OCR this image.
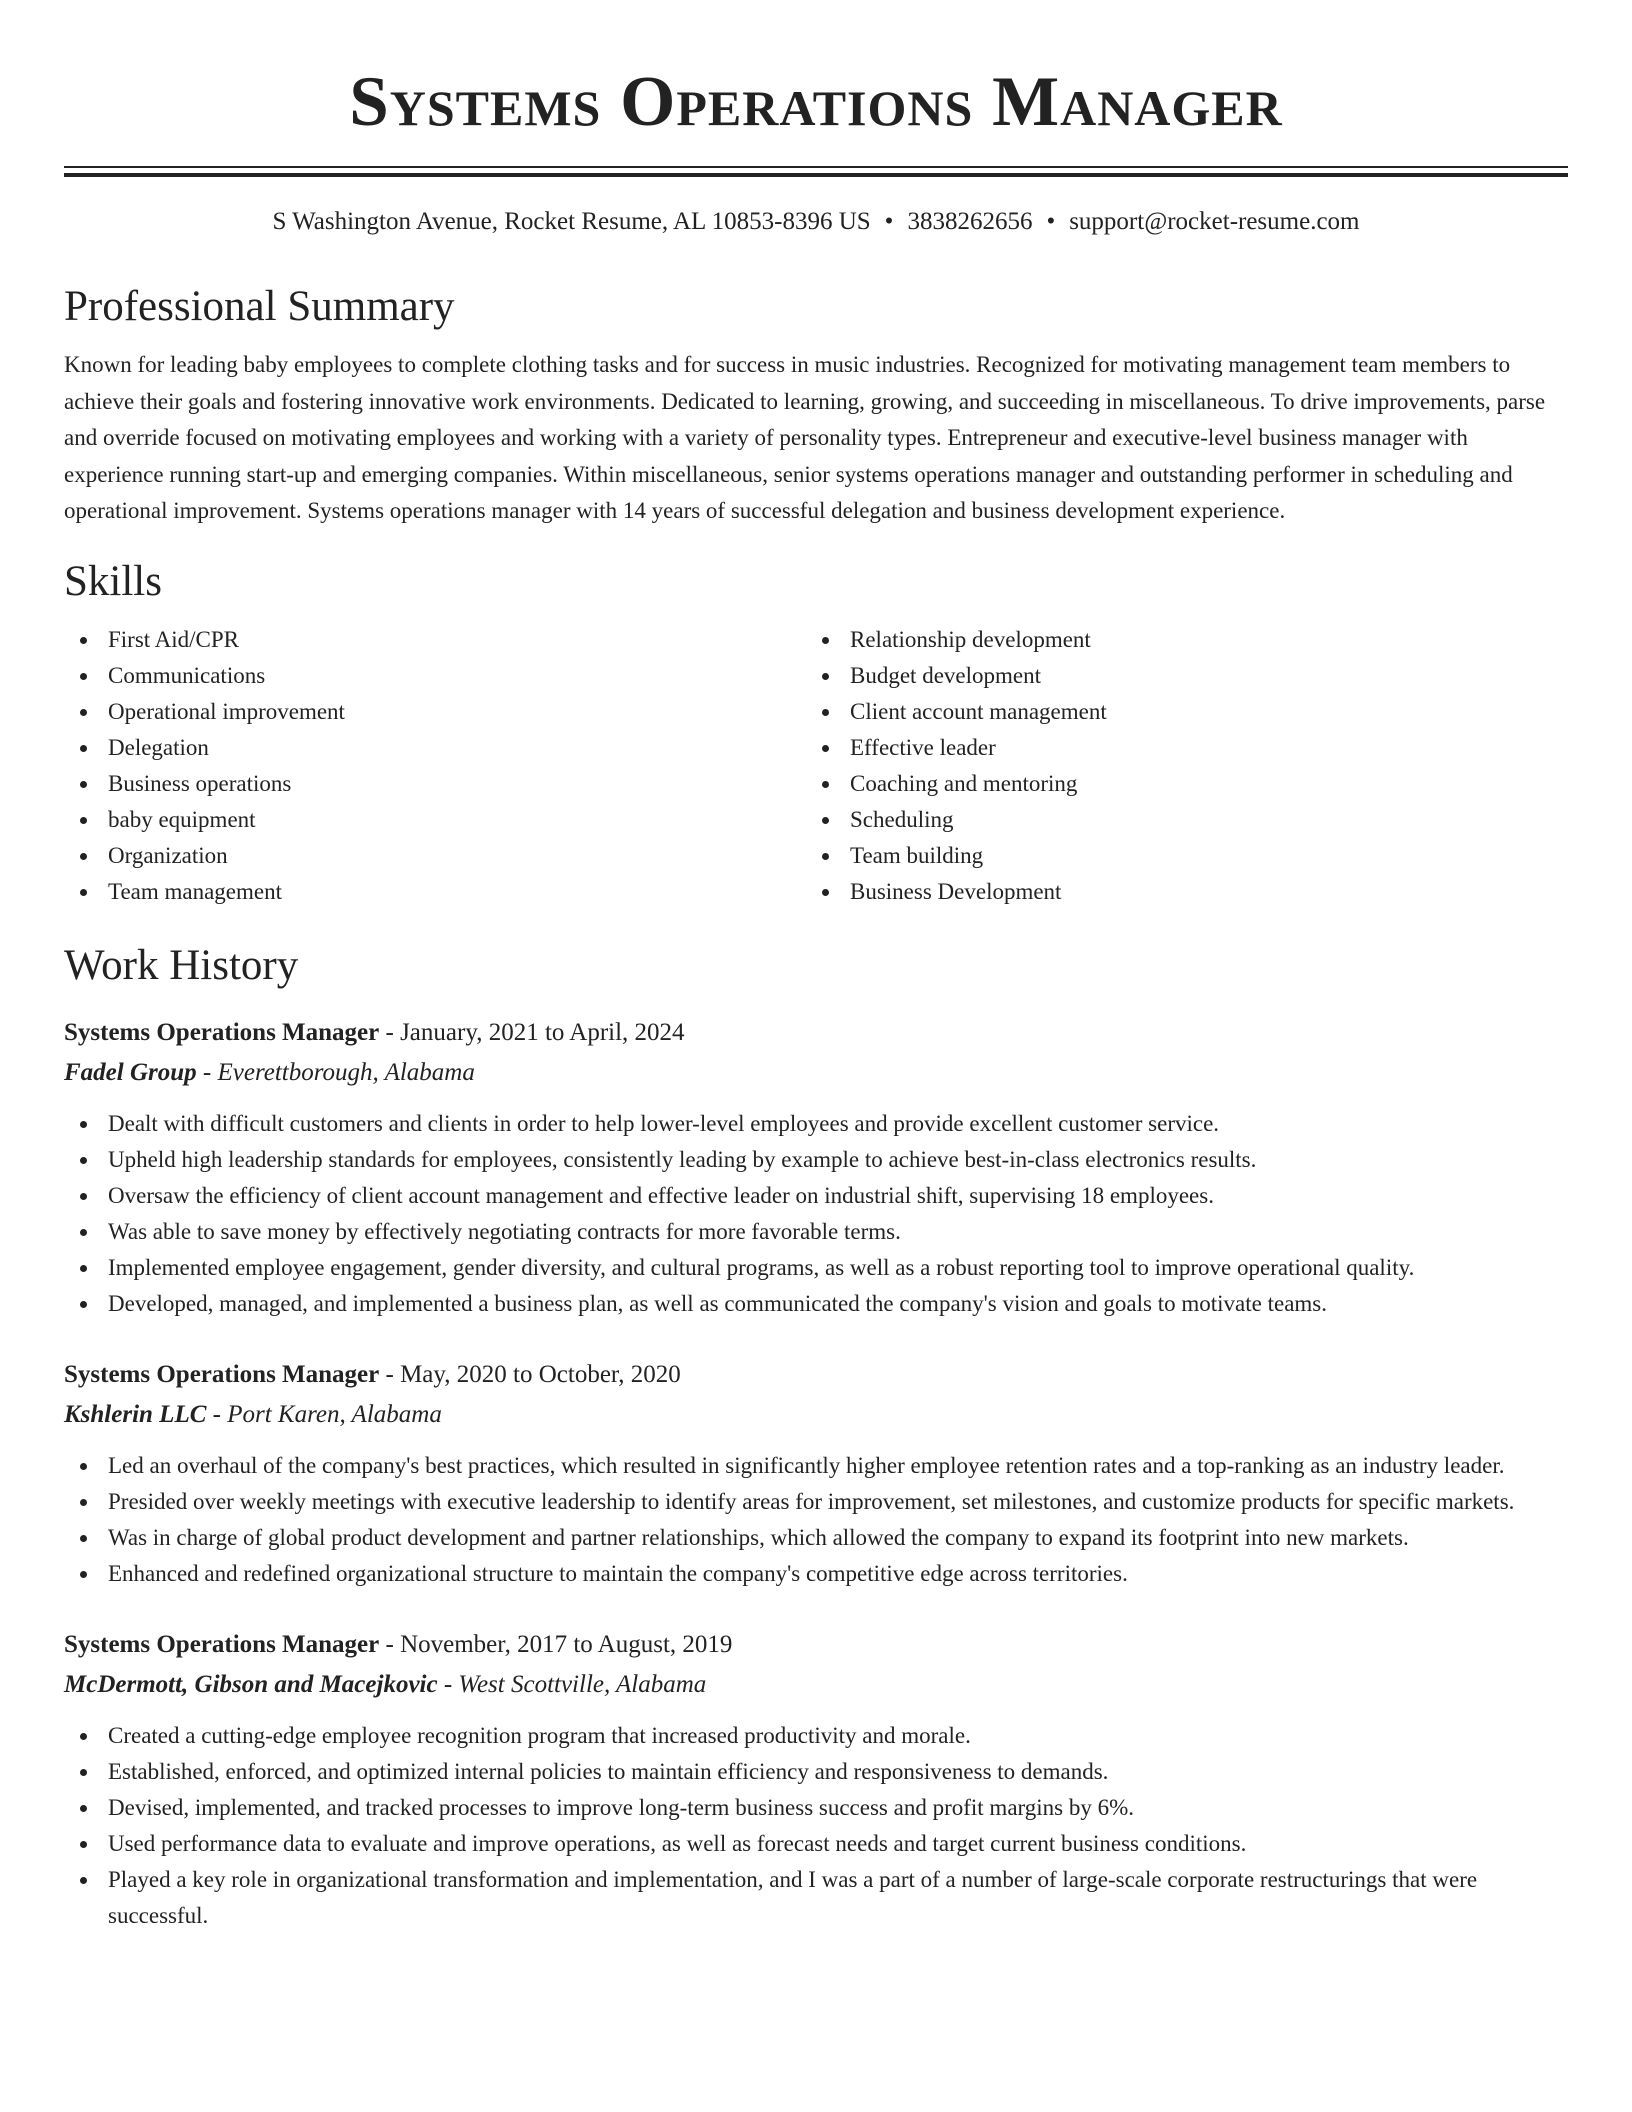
Systems Operations Manager
S Washington Avenue, Rocket Resume, AL 10853-8396 US • 3838262656 • support@rocket-resume.com
Professional Summary

Known for leading baby employees to complete clothing tasks and for success in music industries. Recognized for motivating management team members to achieve their goals and fostering innovative work environments. Dedicated to learning, growing, and succeeding in miscellaneous. To drive improvements, parse and override focused on motivating employees and working with a variety of personality types. Entrepreneur and executive-level business manager with experience running start-up and emerging companies. Within miscellaneous, senior systems operations manager and outstanding performer in scheduling and operational improvement. Systems operations manager with 14 years of successful delegation and business development experience.

Skills
First Aid/CPR
Communications
Operational improvement
Delegation
Business operations
baby equipment
Organization
Team management
Relationship development
Budget development
Client account management
Effective leader
Coaching and mentoring
Scheduling
Team building
Business Development
Work History
Systems Operations Manager - January, 2021 to April, 2024
Fadel Group - Everettborough, Alabama
Dealt with difficult customers and clients in order to help lower-level employees and provide excellent customer service.
Upheld high leadership standards for employees, consistently leading by example to achieve best-in-class electronics results.
Oversaw the efficiency of client account management and effective leader on industrial shift, supervising 18 employees.
Was able to save money by effectively negotiating contracts for more favorable terms.
Implemented employee engagement, gender diversity, and cultural programs, as well as a robust reporting tool to improve operational quality.
Developed, managed, and implemented a business plan, as well as communicated the company's vision and goals to motivate teams.
Systems Operations Manager - May, 2020 to October, 2020
Kshlerin LLC - Port Karen, Alabama
Led an overhaul of the company's best practices, which resulted in significantly higher employee retention rates and a top-ranking as an industry leader.
Presided over weekly meetings with executive leadership to identify areas for improvement, set milestones, and customize products for specific markets.
Was in charge of global product development and partner relationships, which allowed the company to expand its footprint into new markets.
Enhanced and redefined organizational structure to maintain the company's competitive edge across territories.
Systems Operations Manager - November, 2017 to August, 2019
McDermott, Gibson and Macejkovic - West Scottville, Alabama
Created a cutting-edge employee recognition program that increased productivity and morale.
Established, enforced, and optimized internal policies to maintain efficiency and responsiveness to demands.
Devised, implemented, and tracked processes to improve long-term business success and profit margins by 6%.
Used performance data to evaluate and improve operations, as well as forecast needs and target current business conditions.
Played a key role in organizational transformation and implementation, and I was a part of a number of large-scale corporate restructurings that were successful.
